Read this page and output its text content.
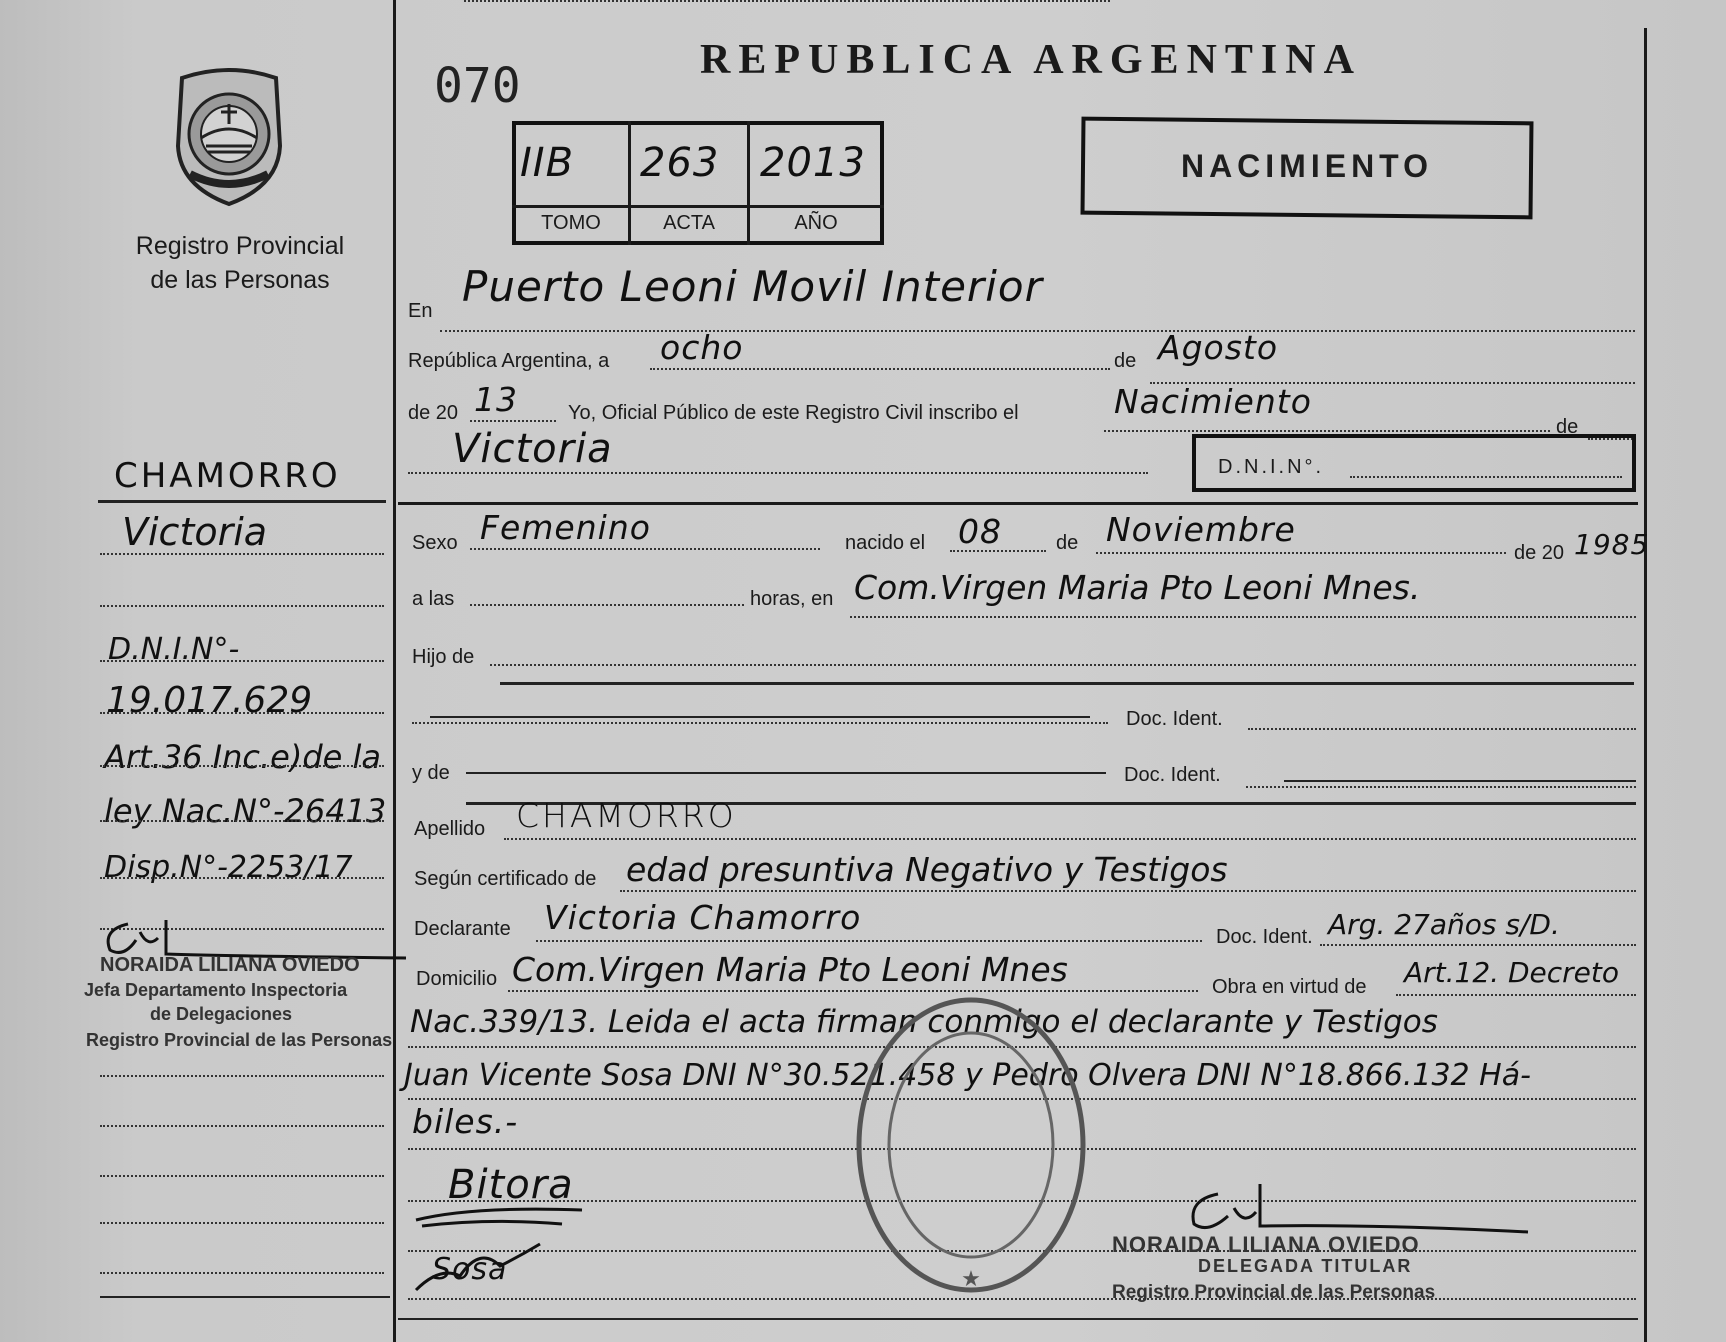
Registro Provincial
de las Personas
CHAMORRO
Victoria
D.N.I.N°-
19.017.629
Art.36 Inc.e)de la
ley Nac.N°-26413
Disp.N°-2253/17
NORAIDA LILIANA OVIEDO
Jefa Departamento Inspectoria
de Delegaciones
Registro Provincial de las Personas
070	REPUBLICA ARGENTINA
IIB 263 2013
TOMO	ACTA	AÑO
NACIMIENTO
En Puerto Leoni Movil Interior
República Argentina, a ocho	de Agosto
de 20 13	Yo, Oficial Público de este Registro Civil inscribo el	Nacimiento
de
Victoria	D.N.I.N°.
Sexo Femenino	nacido el 08	de Noviembre
de 20 1985
a las	horas, en Com.Virgen Maria Pto Leoni Mnes.
Hijo de
Doc. Ident.
y de	Doc. Ident.
Apellido CHAMORRO
Según certificado de edad presuntiva Negativo y Testigos
Declarante Victoria Chamorro	Doc. Ident. Arg. 27años s/D.
Domicilio Com.Virgen Maria Pto Leoni Mnes	Obra en virtud de Art.12. Decreto
Nac.339/13. Leida el acta firman conmigo el declarante y Testigos
Juan Vicente Sosa DNI N°30.521.458 y Pedro Olvera DNI N°18.866.132 Há-
biles.-
Bitora
Sosa	★
NORAIDA LILIANA OVIEDO
DELEGADA TITULAR
Registro Provincial de las Personas
